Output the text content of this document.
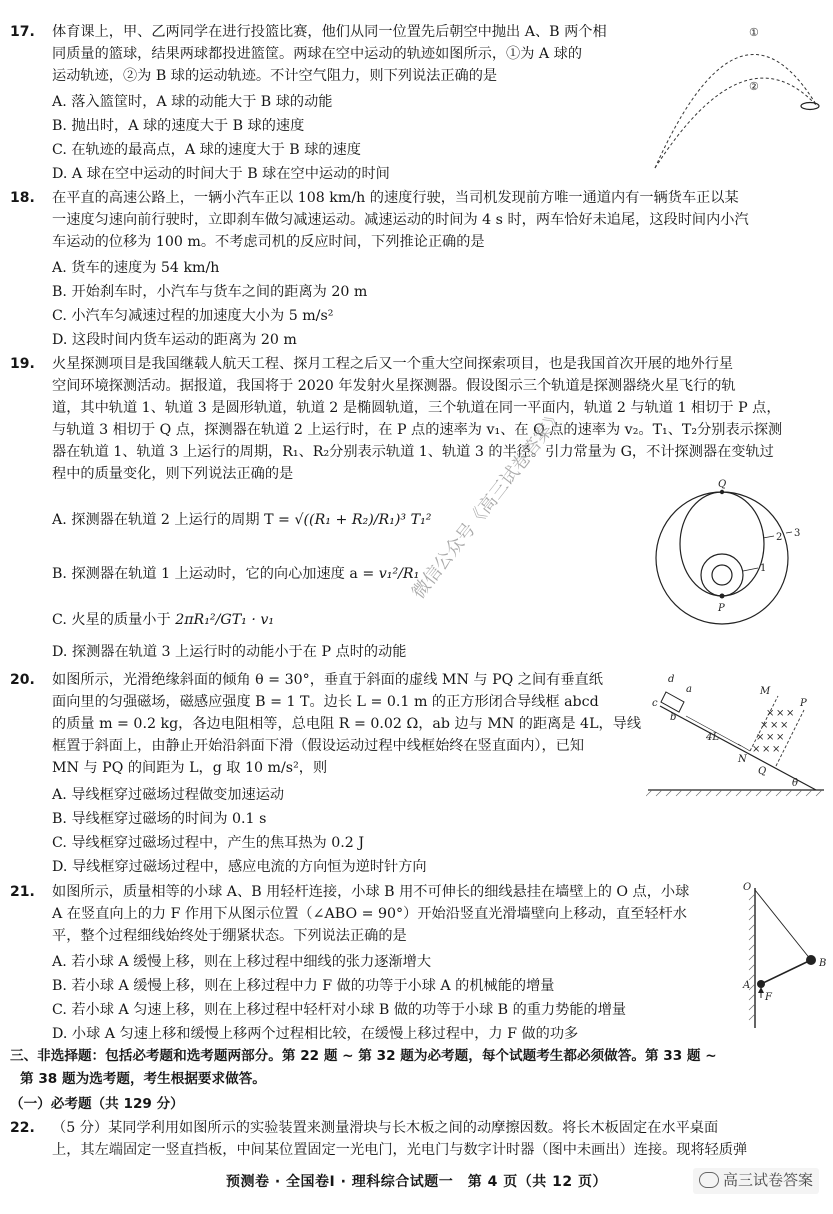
17. 体育课上，甲、乙两同学在进行投篮比赛，他们从同一位置先后朝空中抛出 A、B 两个相
同质量的篮球，结果两球都投进篮筐。两球在空中运动的轨迹如图所示，①为 A 球的
运动轨迹，②为 B 球的运动轨迹。不计空气阻力，则下列说法正确的是
A. 落入篮筐时，A 球的动能大于 B 球的动能
B. 抛出时，A 球的速度大于 B 球的速度
C. 在轨迹的最高点，A 球的速度大于 B 球的速度
D. A 球在空中运动的时间大于 B 球在空中运动的时间
①
②
18. 在平直的高速公路上，一辆小汽车正以 108 km/h 的速度行驶，当司机发现前方唯一通道内有一辆货车正以某
一速度匀速向前行驶时，立即刹车做匀减速运动。减速运动的时间为 4 s 时，两车恰好未追尾，这段时间内小汽
车运动的位移为 100 m。不考虑司机的反应时间，下列推论正确的是
A. 货车的速度为 54 km/h
B. 开始刹车时，小汽车与货车之间的距离为 20 m
C. 小汽车匀减速过程的加速度大小为 5 m/s²
D. 这段时间内货车运动的距离为 20 m
19. 火星探测项目是我国继载人航天工程、探月工程之后又一个重大空间探索项目，也是我国首次开展的地外行星
空间环境探测活动。据报道，我国将于 2020 年发射火星探测器。假设图示三个轨道是探测器绕火星飞行的轨
道，其中轨道 1、轨道 3 是圆形轨道，轨道 2 是椭圆轨道，三个轨道在同一平面内，轨道 2 与轨道 1 相切于 P 点，
与轨道 3 相切于 Q 点，探测器在轨道 2 上运行时，在 P 点的速率为 v₁、在 Q 点的速率为 v₂。T₁、T₂分别表示探测
器在轨道 1、轨道 3 上运行的周期，R₁、R₂分别表示轨道 1、轨道 3 的半径。引力常量为 G，不计探测器在变轨过
程中的质量变化，则下列说法正确的是
A. 探测器在轨道 2 上运行的周期 T = √((R₁ + R₂)/R₁)³ T₁²
B. 探测器在轨道 1 上运动时，它的向心加速度 a = v₁²/R₁
C. 火星的质量小于 2πR₁²/GT₁ · v₁
D. 探测器在轨道 3 上运行时的动能小于在 P 点时的动能
Q
P
1
2 3
20. 如图所示，光滑绝缘斜面的倾角 θ = 30°，垂直于斜面的虚线 MN 与 PQ 之间有垂直纸
面向里的匀强磁场，磁感应强度 B = 1 T。边长 L = 0.1 m 的正方形闭合导线框 abcd
的质量 m = 0.2 kg，各边电阻相等，总电阻 R = 0.02 Ω，ab 边与 MN 的距离是 4L，导线
框置于斜面上，由静止开始沿斜面下滑（假设运动过程中线框始终在竖直面内），已知
MN 与 PQ 的间距为 L，g 取 10 m/s²，则
A. 导线框穿过磁场过程做变加速运动
B. 导线框穿过磁场的时间为 0.1 s
C. 导线框穿过磁场过程中，产生的焦耳热为 0.2 J
D. 导线框穿过磁场过程中，感应电流的方向恒为逆时针方向
× × ×
× × ×
× × ×
× × ×
d
a
c
b
M
P
N
Q
4L
θ
21. 如图所示，质量相等的小球 A、B 用轻杆连接，小球 B 用不可伸长的细线悬挂在墙壁上的 O 点，小球
A 在竖直向上的力 F 作用下从图示位置（∠ABO = 90°）开始沿竖直光滑墙壁向上移动，直至轻杆水
平，整个过程细线始终处于绷紧状态。下列说法正确的是
A. 若小球 A 缓慢上移，则在上移过程中细线的张力逐渐增大
B. 若小球 A 缓慢上移，则在上移过程中力 F 做的功等于小球 A 的机械能的增量
C. 若小球 A 匀速上移，则在上移过程中轻杆对小球 B 做的功等于小球 B 的重力势能的增量
D. 小球 A 匀速上移和缓慢上移两个过程相比较，在缓慢上移过程中，力 F 做的功多
O
B
A
F
三、非选择题：包括必考题和选考题两部分。第 22 题 ~ 第 32 题为必考题，每个试题考生都必须做答。第 33 题 ~
第 38 题为选考题，考生根据要求做答。
（一）必考题（共 129 分）
22. （5 分）某同学利用如图所示的实验装置来测量滑块与长木板之间的动摩擦因数。将长木板固定在水平桌面
上，其左端固定一竖直挡板，中间某位置固定一光电门，光电门与数字计时器（图中未画出）连接。现将轻质弹
微信公众号《高三试卷答案》
预测卷 · 全国卷Ⅰ · 理科综合试题一　第 4 页（共 12 页）	高三试卷答案
